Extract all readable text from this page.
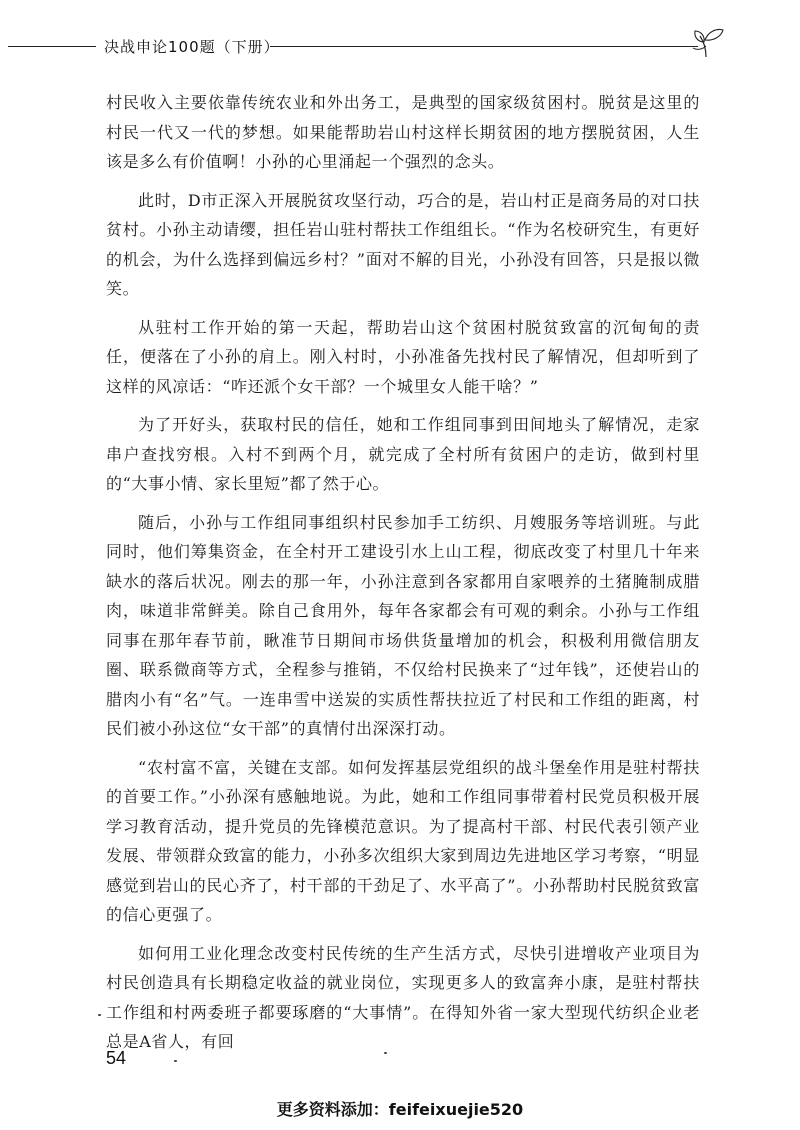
决战申论100题（下册）

村民收入主要依靠传统农业和外出务工，是典型的国家级贫困村。脱贫是这里的村民一代又一代的梦想。如果能帮助岩山村这样长期贫困的地方摆脱贫困，人生该是多么有价值啊！小孙的心里涌起一个强烈的念头。

此时，D市正深入开展脱贫攻坚行动，巧合的是，岩山村正是商务局的对口扶贫村。小孙主动请缨，担任岩山驻村帮扶工作组组长。“作为名校研究生，有更好的机会，为什么选择到偏远乡村？”面对不解的目光，小孙没有回答，只是报以微笑。

从驻村工作开始的第一天起，帮助岩山这个贫困村脱贫致富的沉甸甸的责任，便落在了小孙的肩上。刚入村时，小孙准备先找村民了解情况，但却听到了这样的风凉话：“咋还派个女干部？一个城里女人能干啥？”

为了开好头，获取村民的信任，她和工作组同事到田间地头了解情况，走家串户查找穷根。入村不到两个月，就完成了全村所有贫困户的走访，做到村里的“大事小情、家长里短”都了然于心。

随后，小孙与工作组同事组织村民参加手工纺织、月嫂服务等培训班。与此同时，他们筹集资金，在全村开工建设引水上山工程，彻底改变了村里几十年来缺水的落后状况。刚去的那一年，小孙注意到各家都用自家喂养的土猪腌制成腊肉，味道非常鲜美。除自己食用外，每年各家都会有可观的剩余。小孙与工作组同事在那年春节前，瞅准节日期间市场供货量增加的机会，积极利用微信朋友圈、联系微商等方式，全程参与推销，不仅给村民换来了“过年钱”，还使岩山的腊肉小有“名”气。一连串雪中送炭的实质性帮扶拉近了村民和工作组的距离，村民们被小孙这位“女干部”的真情付出深深打动。

“农村富不富，关键在支部。如何发挥基层党组织的战斗堡垒作用是驻村帮扶的首要工作。”小孙深有感触地说。为此，她和工作组同事带着村民党员积极开展学习教育活动，提升党员的先锋模范意识。为了提高村干部、村民代表引领产业发展、带领群众致富的能力，小孙多次组织大家到周边先进地区学习考察，“明显感觉到岩山的民心齐了，村干部的干劲足了、水平高了”。小孙帮助村民脱贫致富的信心更强了。

如何用工业化理念改变村民传统的生产生活方式，尽快引进增收产业项目为村民创造具有长期稳定收益的就业岗位，实现更多人的致富奔小康，是驻村帮扶工作组和村两委班子都要琢磨的“大事情”。在得知外省一家大型现代纺织企业老总是A省人，有回

54
更多资料添加：feifeixuejie520
